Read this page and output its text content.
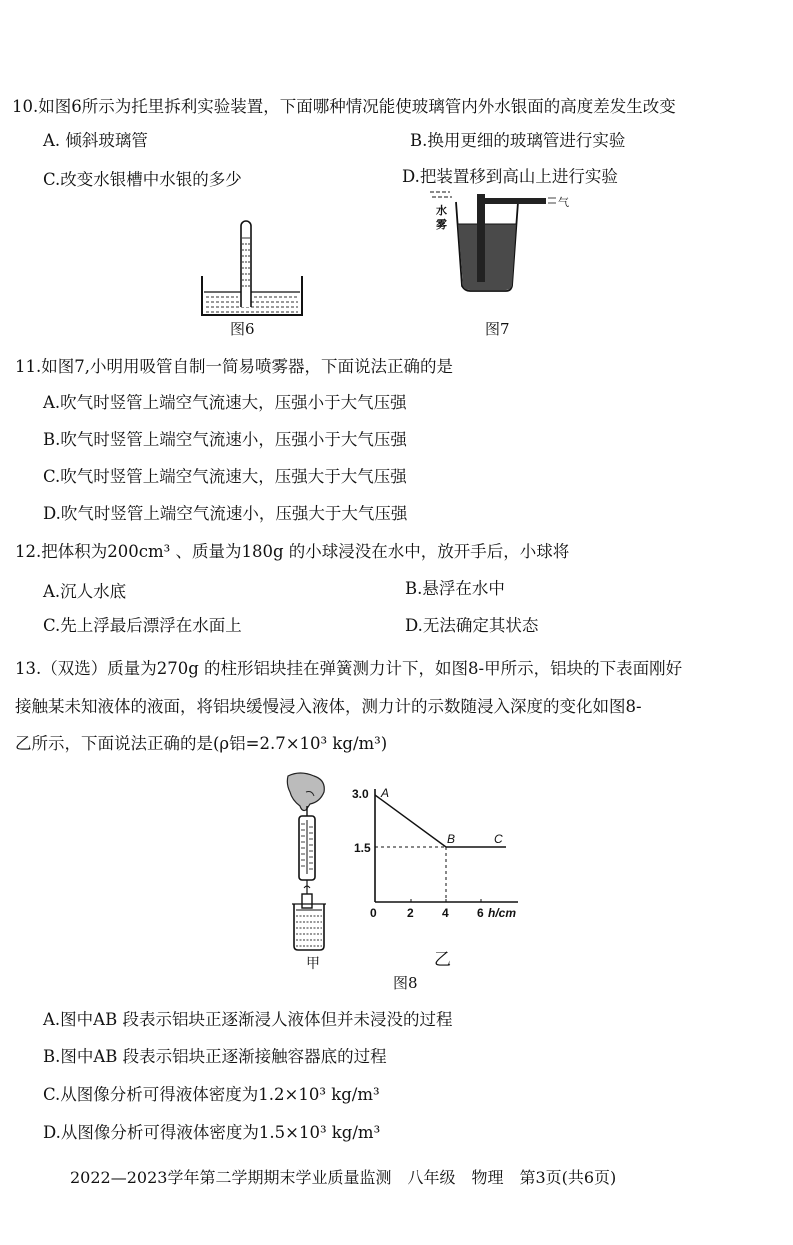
10.如图6所示为托里拆利实验装置，下面哪种情况能使玻璃管内外水银面的高度差发生改变
A. 倾斜玻璃管	B.换用更细的玻璃管进行实验
C.改变水银槽中水银的多少	D.把装置移到高山上进行实验
图6
水
雾
气
图7
11.如图7,小明用吸管自制一简易喷雾器，下面说法正确的是
A.吹气时竖管上端空气流速大，压强小于大气压强
B.吹气时竖管上端空气流速小，压强小于大气压强
C.吹气时竖管上端空气流速大，压强大于大气压强
D.吹气时竖管上端空气流速小，压强大于大气压强
12.把体积为200cm³ 、质量为180g 的小球浸没在水中，放开手后，小球将
A.沉人水底	B.悬浮在水中
C.先上浮最后漂浮在水面上	D.无法确定其状态
13.（双选）质量为270g 的柱形铝块挂在弹簧测力计下，如图8-甲所示，铝块的下表面刚好
接触某未知液体的液面，将铝块缓慢浸入液体，测力计的示数随浸入深度的变化如图8-
乙所示，下面说法正确的是(ρ铝=2.7×10³ kg/m³)
甲
3.0
1.5
A
B	C
0	2 4 6 h/cm
乙
图8
A.图中AB 段表示铝块正逐渐浸人液体但并未浸没的过程
B.图中AB 段表示铝块正逐渐接触容器底的过程
C.从图像分析可得液体密度为1.2×10³ kg/m³
D.从图像分析可得液体密度为1.5×10³ kg/m³
2022—2023学年第二学期期末学业质量监测　八年级　物理　第3页(共6页)
